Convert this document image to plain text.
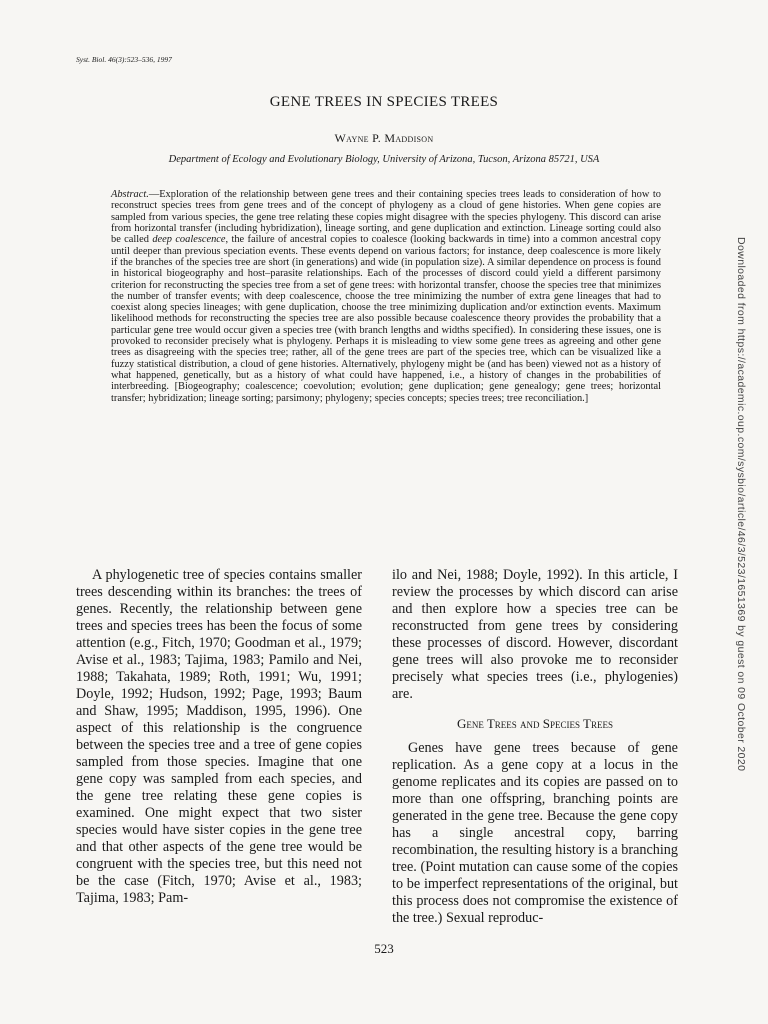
Syst. Biol. 46(3):523–536, 1997
GENE TREES IN SPECIES TREES
Wayne P. Maddison
Department of Ecology and Evolutionary Biology, University of Arizona, Tucson, Arizona 85721, USA

Abstract.—Exploration of the relationship between gene trees and their containing species trees leads to consideration of how to reconstruct species trees from gene trees and of the concept of phylogeny as a cloud of gene histories. When gene copies are sampled from various species, the gene tree relating these copies might disagree with the species phylogeny. This discord can arise from horizontal transfer (including hybridization), lineage sorting, and gene duplication and extinction. Lineage sorting could also be called deep coalescence, the failure of ancestral copies to coalesce (looking backwards in time) into a common ancestral copy until deeper than previous speciation events. These events depend on various factors; for instance, deep coalescence is more likely if the branches of the species tree are short (in generations) and wide (in population size). A similar dependence on process is found in historical biogeography and host–parasite relationships. Each of the processes of discord could yield a different parsimony criterion for reconstructing the species tree from a set of gene trees: with horizontal transfer, choose the species tree that minimizes the number of transfer events; with deep coalescence, choose the tree minimizing the number of extra gene lineages that had to coexist along species lineages; with gene duplication, choose the tree minimizing duplication and/or extinction events. Maximum likelihood methods for reconstructing the species tree are also possible because coalescence theory provides the probability that a particular gene tree would occur given a species tree (with branch lengths and widths specified). In considering these issues, one is provoked to reconsider precisely what is phylogeny. Perhaps it is misleading to view some gene trees as agreeing and other gene trees as disagreeing with the species tree; rather, all of the gene trees are part of the species tree, which can be visualized like a fuzzy statistical distribution, a cloud of gene histories. Alternatively, phylogeny might be (and has been) viewed not as a history of what happened, genetically, but as a history of what could have happened, i.e., a history of changes in the probabilities of interbreeding. [Biogeography; coalescence; coevolution; evolution; gene duplication; gene genealogy; gene trees; horizontal transfer; hybridization; lineage sorting; parsimony; phylogeny; species concepts; species trees; tree reconciliation.]

A phylogenetic tree of species contains smaller trees descending within its branches: the trees of genes. Recently, the relationship between gene trees and species trees has been the focus of some attention (e.g., Fitch, 1970; Goodman et al., 1979; Avise et al., 1983; Tajima, 1983; Pamilo and Nei, 1988; Takahata, 1989; Roth, 1991; Wu, 1991; Doyle, 1992; Hudson, 1992; Page, 1993; Baum and Shaw, 1995; Maddison, 1995, 1996). One aspect of this relationship is the congruence between the species tree and a tree of gene copies sampled from those species. Imagine that one gene copy was sampled from each species, and the gene tree relating these gene copies is examined. One might expect that two sister species would have sister copies in the gene tree and that other aspects of the gene tree would be congruent with the species tree, but this need not be the case (Fitch, 1970; Avise et al., 1983; Tajima, 1983; Pam-

ilo and Nei, 1988; Doyle, 1992). In this article, I review the processes by which discord can arise and then explore how a species tree can be reconstructed from gene trees by considering these processes of discord. However, discordant gene trees will also provoke me to reconsider precisely what species trees (i.e., phylogenies) are.

Gene Trees and Species Trees

Genes have gene trees because of gene replication. As a gene copy at a locus in the genome replicates and its copies are passed on to more than one offspring, branching points are generated in the gene tree. Because the gene copy has a single ancestral copy, barring recombination, the resulting history is a branching tree. (Point mutation can cause some of the copies to be imperfect representations of the original, but this process does not compromise the existence of the tree.) Sexual reproduc-

523
Downloaded from https://academic.oup.com/sysbio/article/46/3/523/1651369 by guest on 09 October 2020
